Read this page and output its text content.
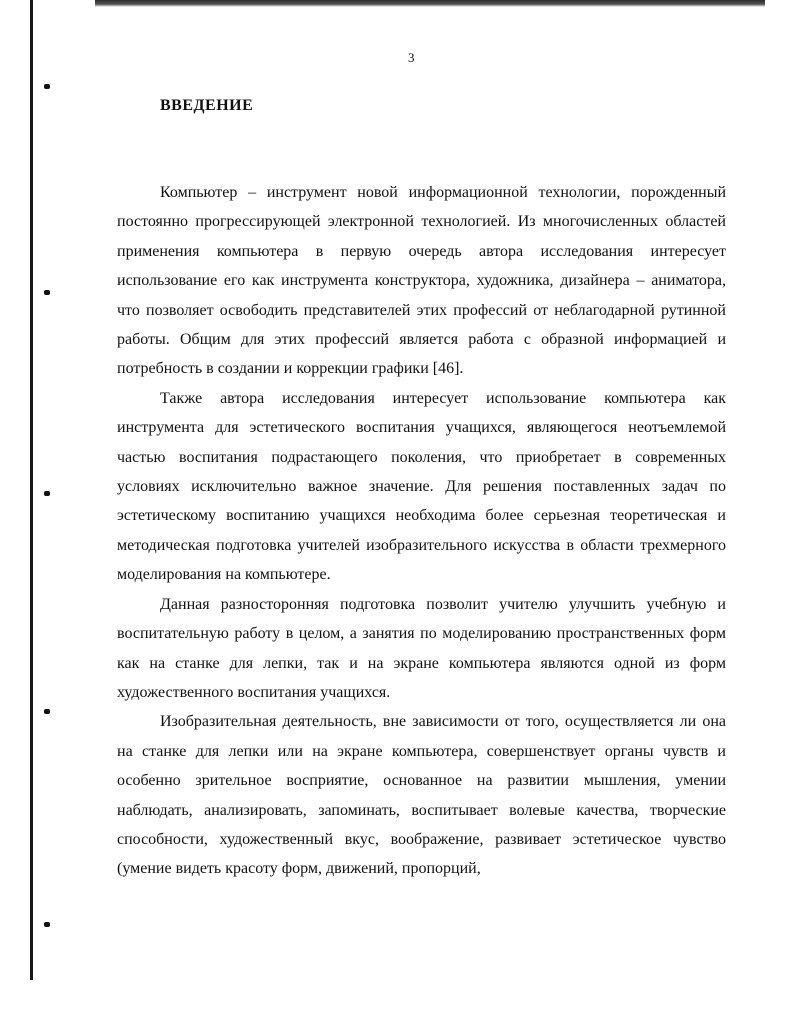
3
ВВЕДЕНИЕ

Компьютер – инструмент новой информационной технологии, порожденный постоянно прогрессирующей электронной технологией. Из многочисленных областей применения компьютера в первую очередь автора исследования интересует использование его как инструмента конструктора, художника, дизайнера – аниматора, что позволяет освободить представителей этих профессий от неблагодарной рутинной работы. Общим для этих профессий является работа с образной информацией и потребность в создании и коррекции графики [46].

Также автора исследования интересует использование компьютера как инструмента для эстетического воспитания учащихся, являющегося неотъемлемой частью воспитания подрастающего поколения, что приобретает в современных условиях исключительно важное значение. Для решения поставленных задач по эстетическому воспитанию учащихся необходима более серьезная теоретическая и методическая подготовка учителей изобразительного искусства в области трехмерного моделирования на компьютере.

Данная разносторонняя подготовка позволит учителю улучшить учебную и воспитательную работу в целом, а занятия по моделированию пространственных форм как на станке для лепки, так и на экране компьютера являются одной из форм художественного воспитания учащихся.

Изобразительная деятельность, вне зависимости от того, осуществляется ли она на станке для лепки или на экране компьютера, совершенствует органы чувств и особенно зрительное восприятие, основанное на развитии мышления, умении наблюдать, анализировать, запоминать, воспитывает волевые качества, творческие способности, художественный вкус, воображение, развивает эстетическое чувство (умение видеть красоту форм, движений, пропорций,
